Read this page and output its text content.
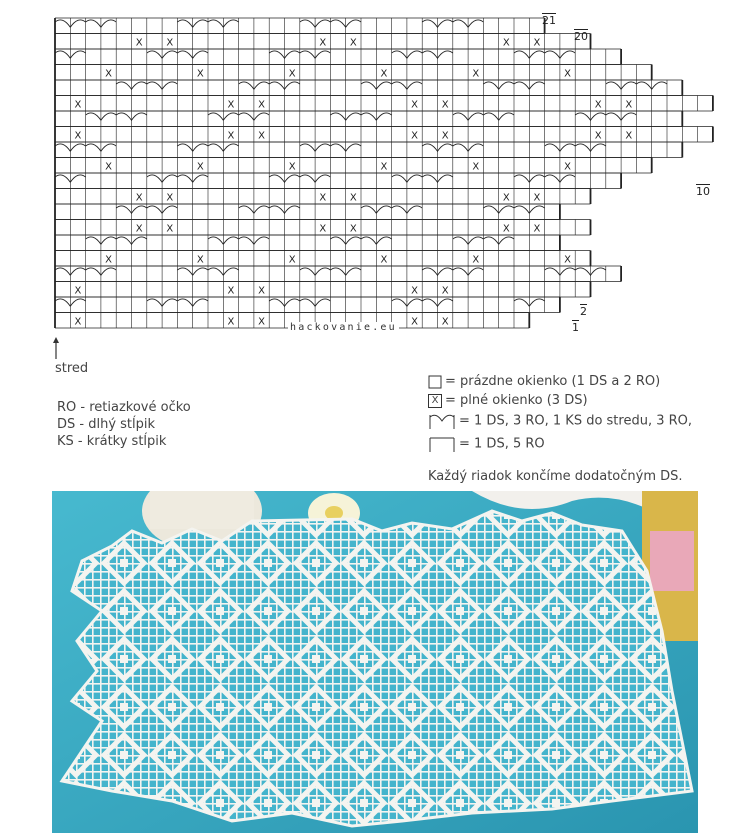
X X	X X	X X
X	X	X	X	X	X
X	X X	X X	X X
X	X X	X X	X X
X	X	X	X	X	X
X X	X X	X X
X X	X X	X X
X	X	X	X	X	X
X	X X	X X
X	X X	X X
21
20
10
2
1
hackovanie.eu
stred
RO - retiazkové očko
DS - dlhý stĺpik
KS - krátky stĺpik
= prázdne okienko (1 DS a 2 RO)
X = plné okienko (3 DS)
= 1 DS, 3 RO, 1 KS do stredu, 3 RO,
= 1 DS, 5 RO
Každý riadok končíme dodatočným DS.
